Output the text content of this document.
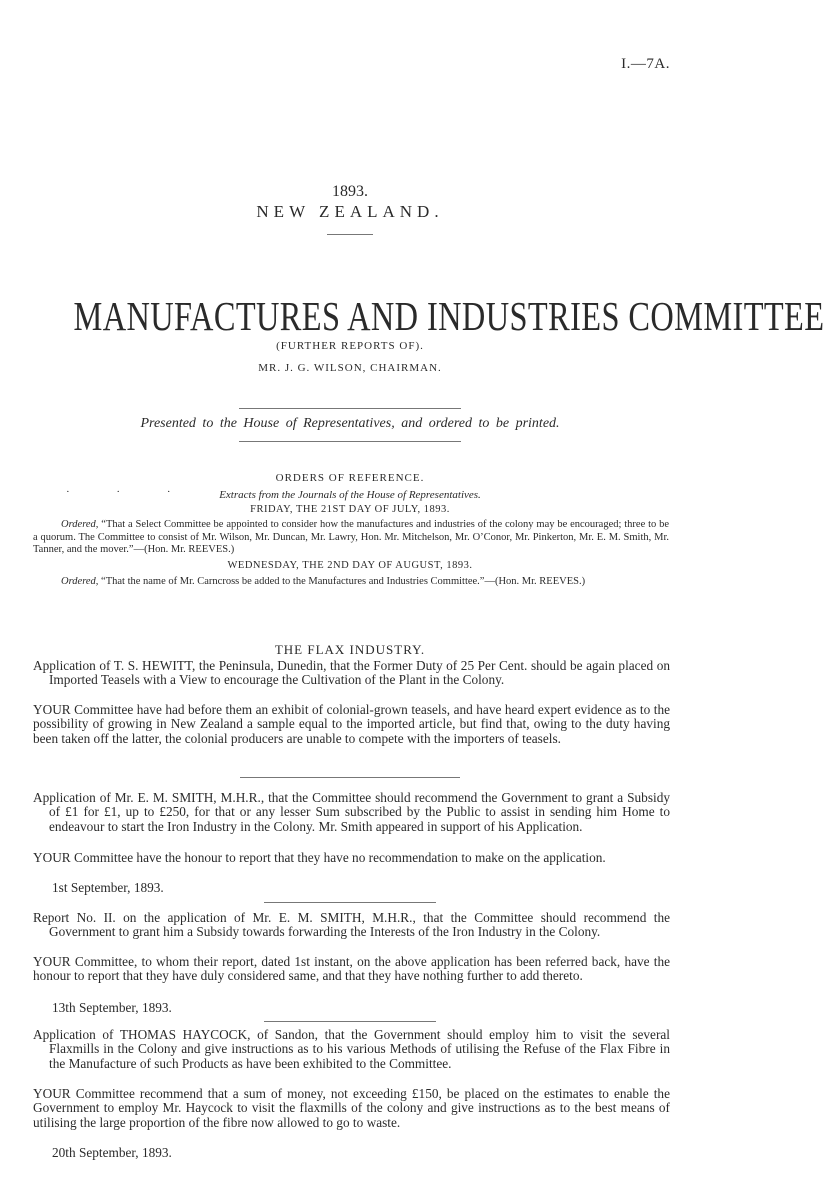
I.—7A.
1893.
NEW ZEALAND.
MANUFACTURES AND INDUSTRIES COMMITTEE
(FURTHER REPORTS OF).
MR. J. G. WILSON, CHAIRMAN.
Presented to the House of Representatives, and ordered to be printed.
ORDERS OF REFERENCE.
· · ·	Extracts from the Journals of the House of Representatives.
FRIDAY, THE 21ST DAY OF JULY, 1893.

Ordered, “That a Select Committee be appointed to consider how the manufactures and industries of the colony may be encouraged; three to be a quorum. The Committee to consist of Mr. Wilson, Mr. Duncan, Mr. Lawry, Hon. Mr. Mitchelson, Mr. O’Conor, Mr. Pinkerton, Mr. E. M. Smith, Mr. Tanner, and the mover.”—(Hon. Mr. REEVES.)

WEDNESDAY, THE 2ND DAY OF AUGUST, 1893.

Ordered, “That the name of Mr. Carncross be added to the Manufactures and Industries Committee.”—(Hon. Mr. REEVES.)

THE FLAX INDUSTRY.

Application of T. S. HEWITT, the Peninsula, Dunedin, that the Former Duty of 25 Per Cent. should be again placed on Imported Teasels with a View to encourage the Cultivation of the Plant in the Colony.

YOUR Committee have had before them an exhibit of colonial-grown teasels, and have heard expert evidence as to the possibility of growing in New Zealand a sample equal to the imported article, but find that, owing to the duty having been taken off the latter, the colonial producers are unable to compete with the importers of teasels.

Application of Mr. E. M. SMITH, M.H.R., that the Committee should recommend the Government to grant a Subsidy of £1 for £1, up to £250, for that or any lesser Sum subscribed by the Public to assist in sending him Home to endeavour to start the Iron Industry in the Colony. Mr. Smith appeared in support of his Application.

YOUR Committee have the honour to report that they have no recommendation to make on the application.

1st September, 1893.

Report No. II. on the application of Mr. E. M. SMITH, M.H.R., that the Committee should recommend the Government to grant him a Subsidy towards forwarding the Interests of the Iron Industry in the Colony.

YOUR Committee, to whom their report, dated 1st instant, on the above application has been referred back, have the honour to report that they have duly considered same, and that they have nothing further to add thereto.

13th September, 1893.

Application of THOMAS HAYCOCK, of Sandon, that the Government should employ him to visit the several Flaxmills in the Colony and give instructions as to his various Methods of utilising the Refuse of the Flax Fibre in the Manufacture of such Products as have been exhibited to the Committee.

YOUR Committee recommend that a sum of money, not exceeding £150, be placed on the estimates to enable the Government to employ Mr. Haycock to visit the flaxmills of the colony and give instructions as to the best means of utilising the large proportion of the fibre now allowed to go to waste.

20th September, 1893.
